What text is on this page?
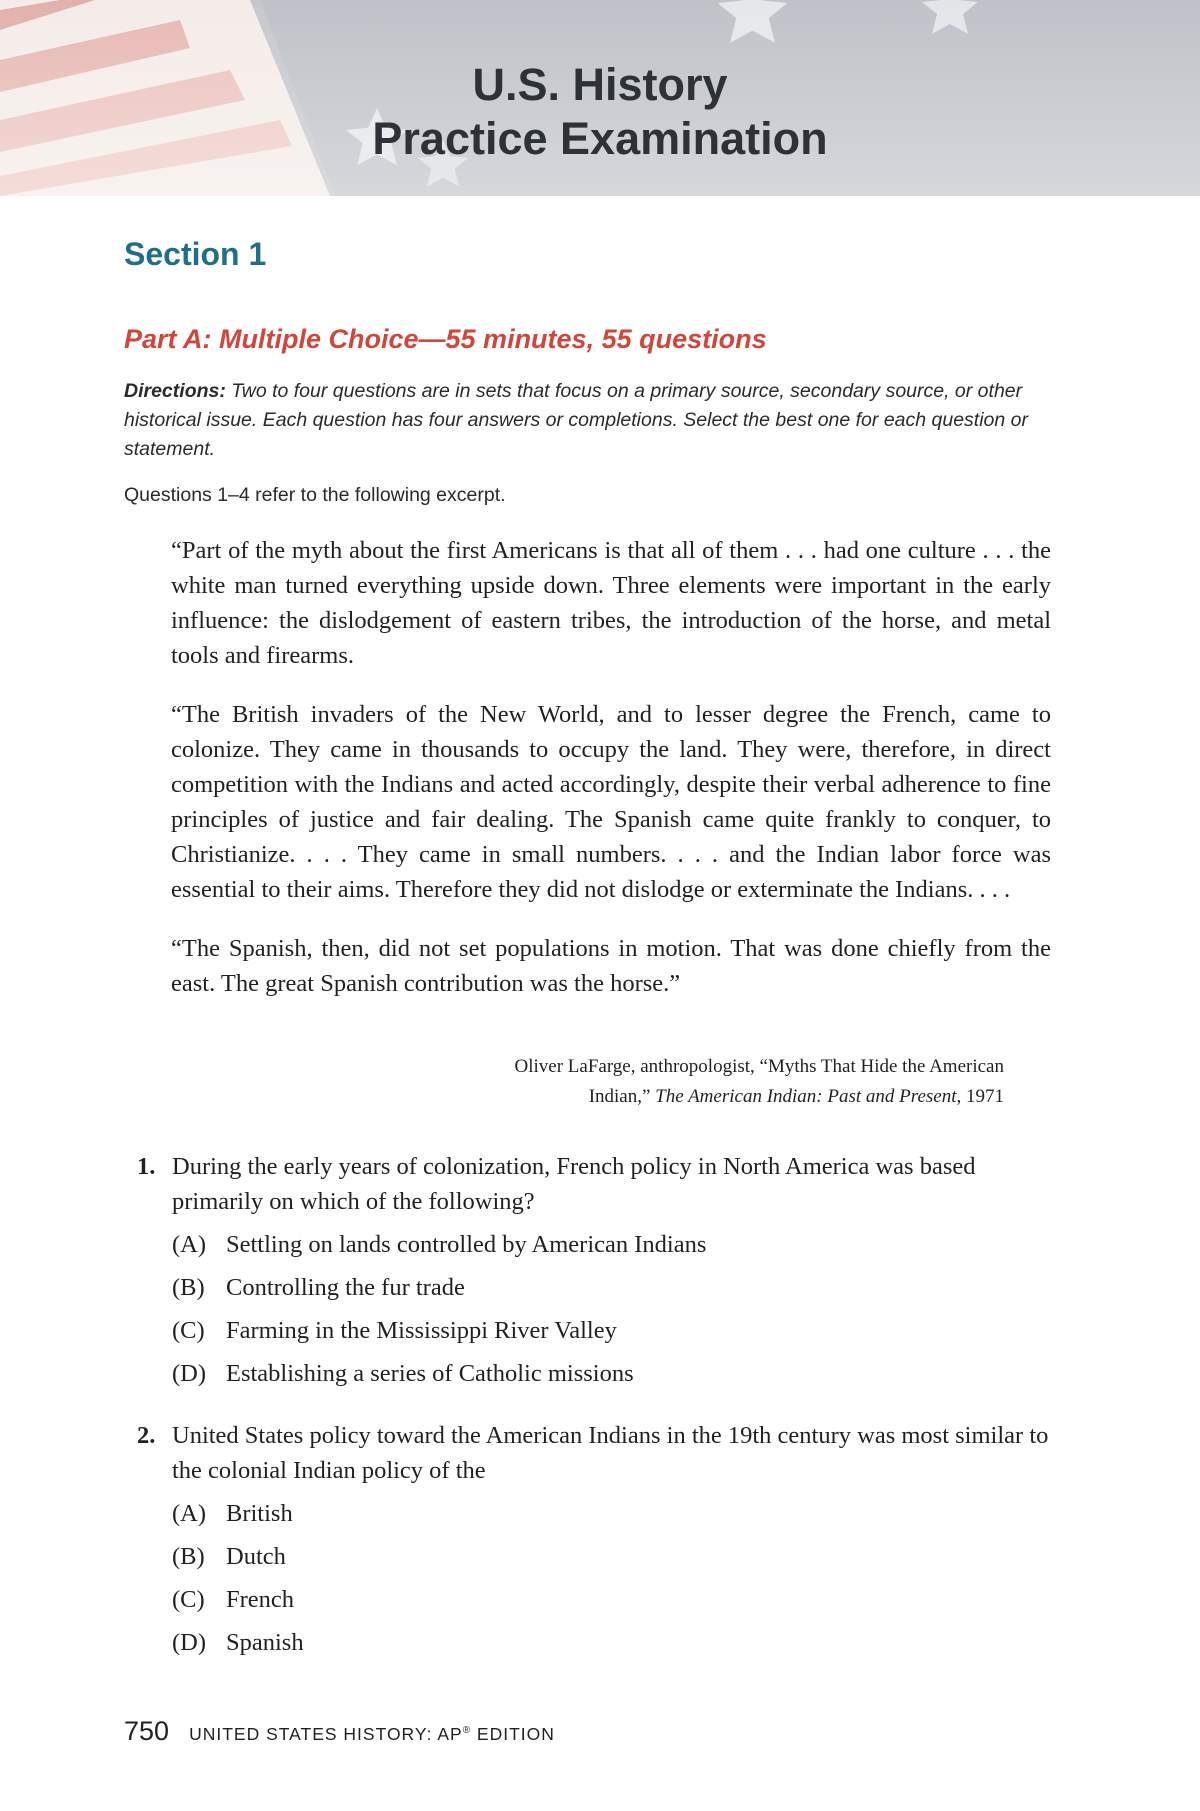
U.S. History
Practice Examination
Section 1
Part A: Multiple Choice—55 minutes, 55 questions
Directions: Two to four questions are in sets that focus on a primary source, secondary source, or other historical issue. Each question has four answers or completions. Select the best one for each question or statement.
Questions 1–4 refer to the following excerpt.

“Part of the myth about the first Americans is that all of them . . . had one culture . . . the white man turned everything upside down. Three elements were important in the early influence: the dislodgement of eastern tribes, the introduction of the horse, and metal tools and firearms.

“The British invaders of the New World, and to lesser degree the French, came to colonize. They came in thousands to occupy the land. They were, therefore, in direct competition with the Indians and acted accordingly, despite their verbal adherence to fine principles of justice and fair dealing. The Spanish came quite frankly to conquer, to Christianize. . . . They came in small numbers. . . . and the Indian labor force was essential to their aims. Therefore they did not dislodge or exterminate the Indians. . . .

“The Spanish, then, did not set populations in motion. That was done chiefly from the east. The great Spanish contribution was the horse.”

Oliver LaFarge, anthropologist, “Myths That Hide the American
Indian,” The American Indian: Past and Present, 1971
1. During the early years of colonization, French policy in North America was based primarily on which of the following?
(A) Settling on lands controlled by American Indians
(B) Controlling the fur trade
(C) Farming in the Mississippi River Valley
(D) Establishing a series of Catholic missions
2. United States policy toward the American Indians in the 19th century was most similar to the colonial Indian policy of the
(A) British
(B) Dutch
(C) French
(D) Spanish
750 UNITED STATES HISTORY: AP® EDITION
